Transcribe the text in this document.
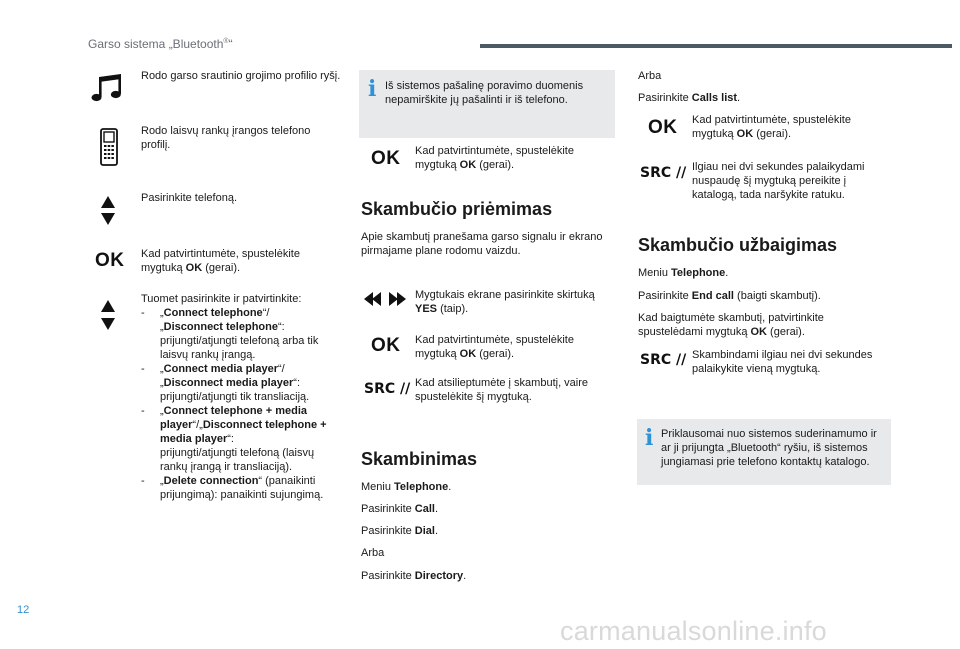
Garso sistema „Bluetooth®“
Rodo garso srautinio grojimo profilio ryšį.
Rodo laisvų rankų įrangos telefono profilį.
Pasirinkite telefoną.
OK Kad patvirtintumėte, spustelėkite mygtuką OK (gerai).
Tuomet pasirinkite ir patvirtinkite:
- „Connect telephone“/
„Disconnect telephone“:
prijungti/atjungti telefoną arba tik laisvų rankų įrangą.
- „Connect media player“/
„Disconnect media player“:
prijungti/atjungti tik transliaciją.
- „Connect telephone + media player“/„Disconnect telephone + media player“:
prijungti/atjungti telefoną (laisvų rankų įrangą ir transliaciją).
- „Delete connection“ (panaikinti prijungimą): panaikinti sujungimą.
i Iš sistemos pašalinę poravimo duomenis nepamirškite jų pašalinti ir iš telefono.
OK Kad patvirtintumėte, spustelėkite mygtuką OK (gerai).
Skambučio priėmimas
Apie skambutį pranešama garso signalu ir ekrano pirmajame plane rodomu vaizdu.
Mygtukais ekrane pasirinkite skirtuką YES (taip).
OK Kad patvirtintumėte, spustelėkite mygtuką OK (gerai).
SRC // Kad atsilieptumėte į skambutį, vaire spustelėkite šį mygtuką.
Skambinimas
Meniu Telephone.
Pasirinkite Call.
Pasirinkite Dial.
Arba
Pasirinkite Directory.
Arba
Pasirinkite Calls list.
OK Kad patvirtintumėte, spustelėkite mygtuką OK (gerai).
SRC // Ilgiau nei dvi sekundes palaikydami nuspaudę šį mygtuką pereikite į katalogą, tada naršykite ratuku.
Skambučio užbaigimas
Meniu Telephone.
Pasirinkite End call (baigti skambutį).
Kad baigtumėte skambutį, patvirtinkite spustelėdami mygtuką OK (gerai).
SRC // Skambindami ilgiau nei dvi sekundes palaikykite vieną mygtuką.
i Priklausomai nuo sistemos suderinamumo ir ar ji prijungta „Bluetooth“ ryšiu, iš sistemos jungiamasi prie telefono kontaktų katalogo.
12
carmanualsonline.info
